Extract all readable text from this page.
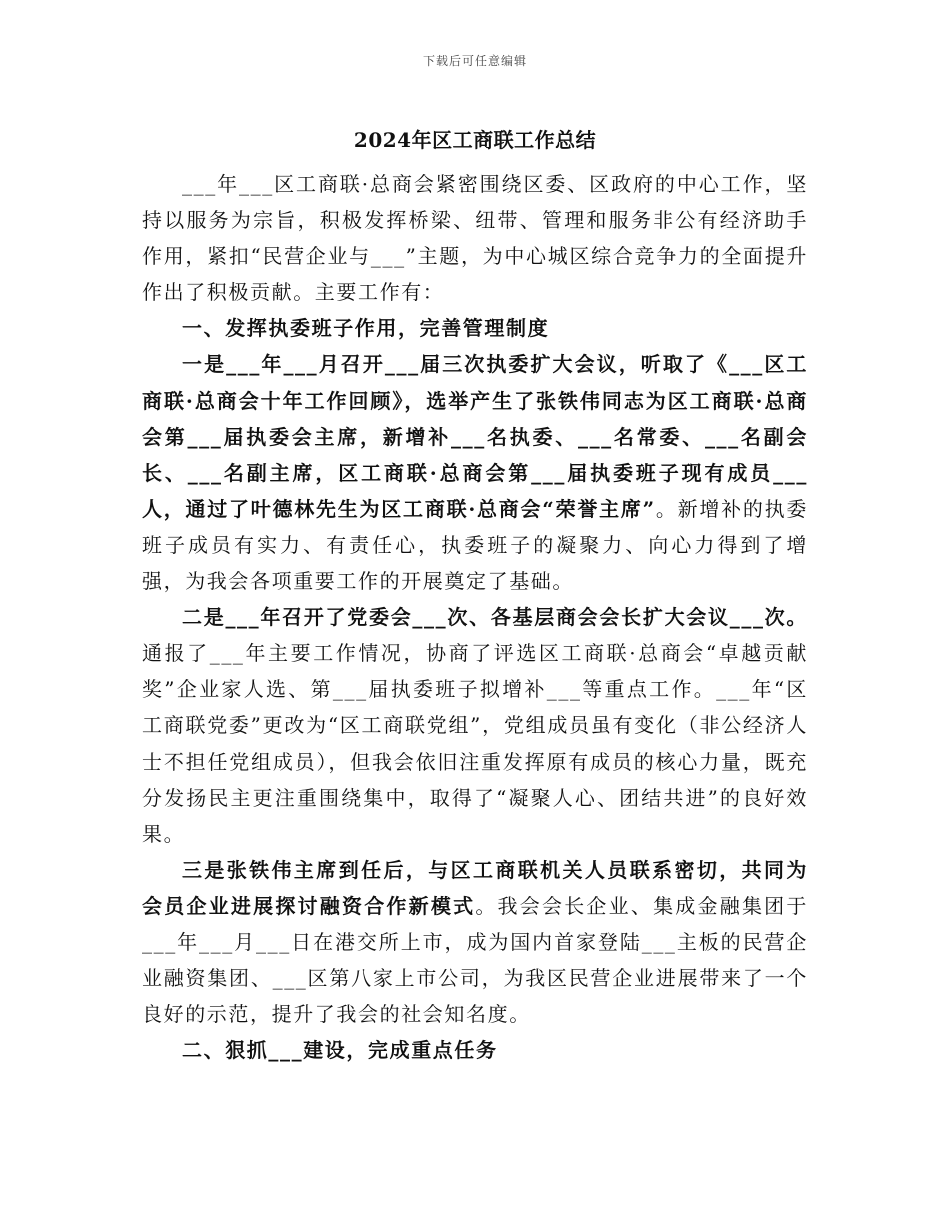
下载后可任意编辑
2024年区工商联工作总结

___年___区工商联·总商会紧密围绕区委、区政府的中心工作，坚持以服务为宗旨，积极发挥桥梁、纽带、管理和服务非公有经济助手作用，紧扣“民营企业与___”主题，为中心城区综合竞争力的全面提升作出了积极贡献。主要工作有：

一、发挥执委班子作用，完善管理制度

一是___年___月召开___届三次执委扩大会议，听取了《___区工商联·总商会十年工作回顾》，选举产生了张铁伟同志为区工商联·总商会第___届执委会主席，新增补___名执委、___名常委、___名副会长、___名副主席，区工商联·总商会第___届执委班子现有成员___人，通过了叶德林先生为区工商联·总商会“荣誉主席”。新增补的执委班子成员有实力、有责任心，执委班子的凝聚力、向心力得到了增强，为我会各项重要工作的开展奠定了基础。

二是___年召开了党委会___次、各基层商会会长扩大会议___次。通报了___年主要工作情况，协商了评选区工商联·总商会“卓越贡献奖”企业家人选、第___届执委班子拟增补___等重点工作。___年“区工商联党委”更改为“区工商联党组”，党组成员虽有变化（非公经济人士不担任党组成员），但我会依旧注重发挥原有成员的核心力量，既充分发扬民主更注重围绕集中，取得了“凝聚人心、团结共进”的良好效果。

三是张铁伟主席到任后，与区工商联机关人员联系密切，共同为会员企业进展探讨融资合作新模式。我会会长企业、集成金融集团于___年___月___日在港交所上市，成为国内首家登陆___主板的民营企业融资集团、___区第八家上市公司，为我区民营企业进展带来了一个良好的示范，提升了我会的社会知名度。

二、狠抓___建设，完成重点任务
